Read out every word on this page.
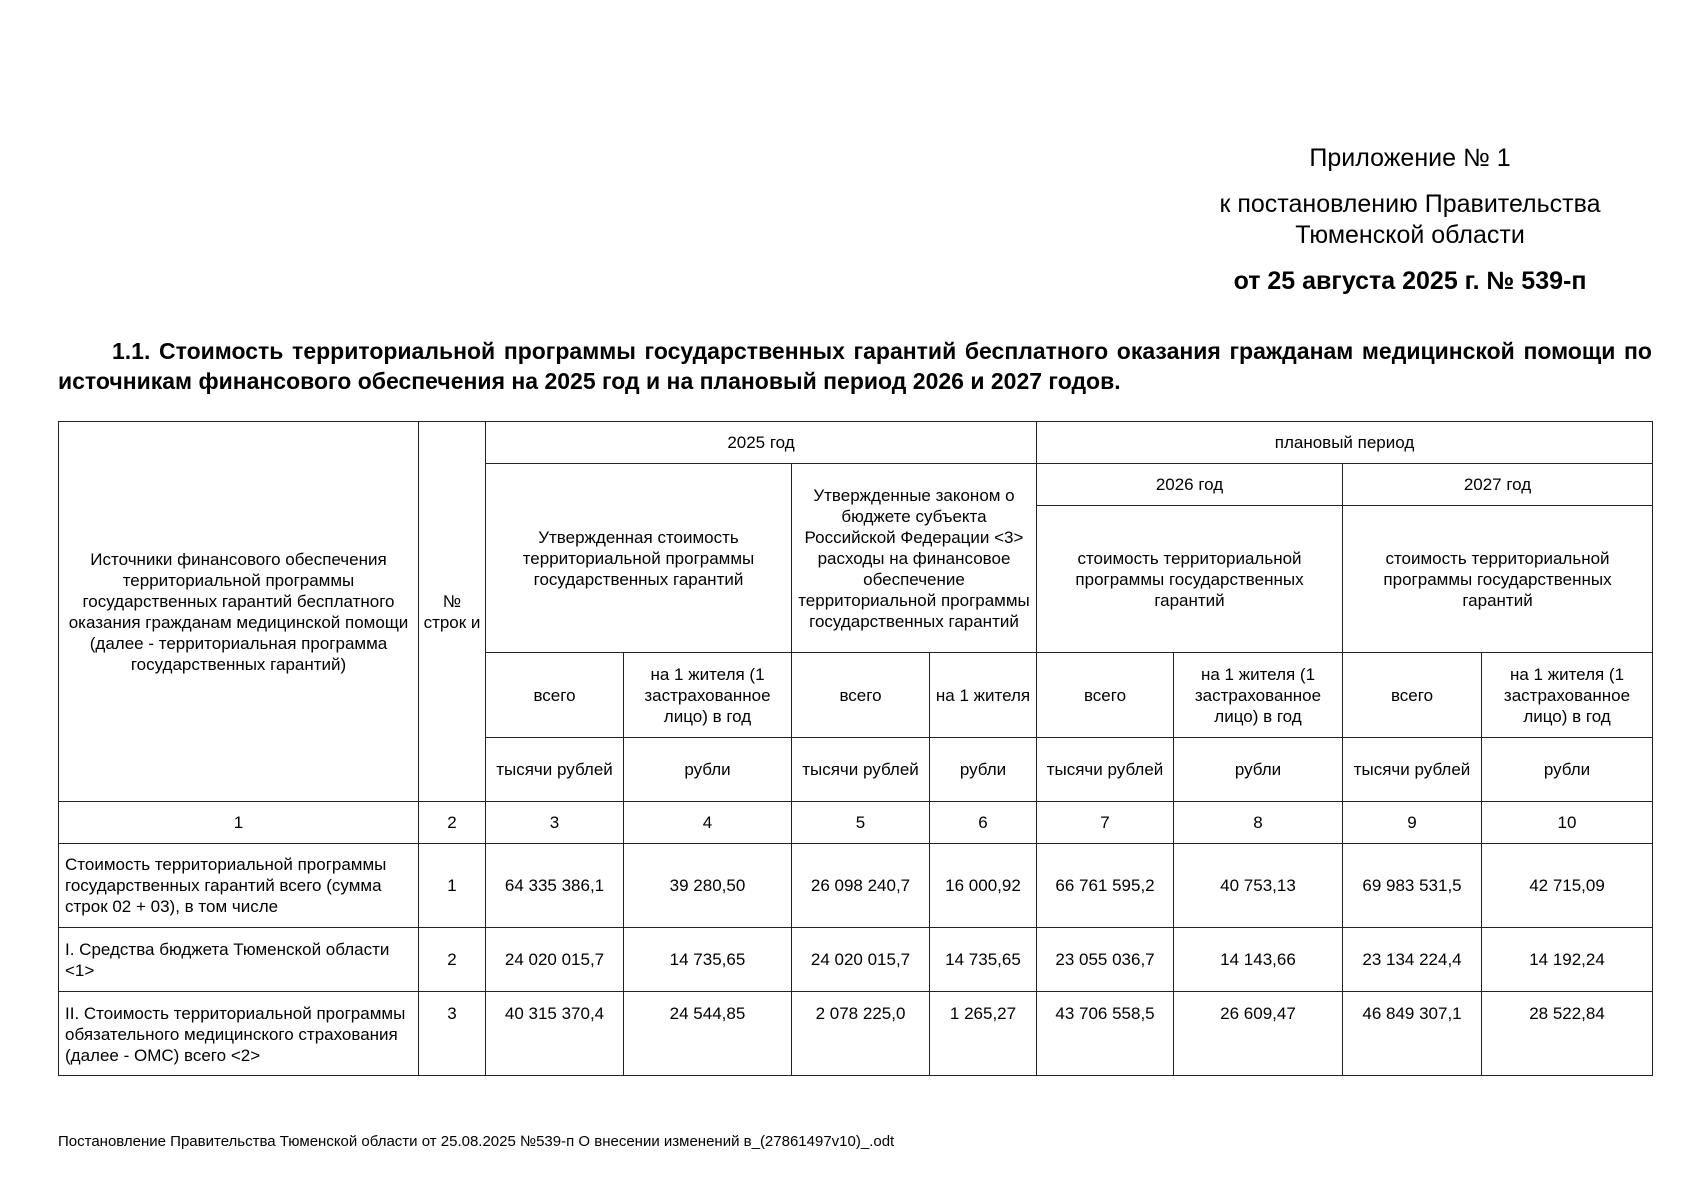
Приложение № 1
к постановлению Правительства
Тюменской области
от 25 августа 2025 г. № 539-п
1.1. Стоимость территориальной программы государственных гарантий бесплатного оказания гражданам медицинской помощи по источникам финансового обеспечения на 2025 год и на плановый период 2026 и 2027 годов.
Источники финансового обеспечения территориальной программы государственных гарантий бесплатного оказания гражданам медицинской помощи (далее - территориальная программа государственных гарантий)	№ строк и	2025 год				плановый период			
		Утвержденная стоимость территориальной программы государственных гарантий		Утвержденные законом о бюджете субъекта Российской Федерации <3> расходы на финансовое обеспечение территориальной программы государственных гарантий		2026 год		2027 год	
						стоимость территориальной программы государственных гарантий		стоимость территориальной программы государственных гарантий	
		всего	на 1 жителя (1 застрахованное лицо) в год	всего	на 1 жителя	всего	на 1 жителя (1 застрахованное лицо) в год	всего	на 1 жителя (1 застрахованное лицо) в год
		тысячи рублей	рубли	тысячи рублей	рубли	тысячи рублей	рубли	тысячи рублей	рубли
1	2	3	4	5	6	7	8	9	10
Стоимость территориальной программы государственных гарантий всего (сумма строк 02 + 03), в том числе	1	64 335 386,1	39 280,50	26 098 240,7	16 000,92	66 761 595,2	40 753,13	69 983 531,5	42 715,09
I. Средства бюджета Тюменской области <1>	2	24 020 015,7	14 735,65	24 020 015,7	14 735,65	23 055 036,7	14 143,66	23 134 224,4	14 192,24
II. Стоимость территориальной программы обязательного медицинского страхования (далее - ОМС) всего <2>	3	40 315 370,4	24 544,85	2 078 225,0	1 265,27	43 706 558,5	26 609,47	46 849 307,1	28 522,84
Постановление Правительства Тюменской области от 25.08.2025 №539-п О внесении изменений в_(27861497v10)_.odt
